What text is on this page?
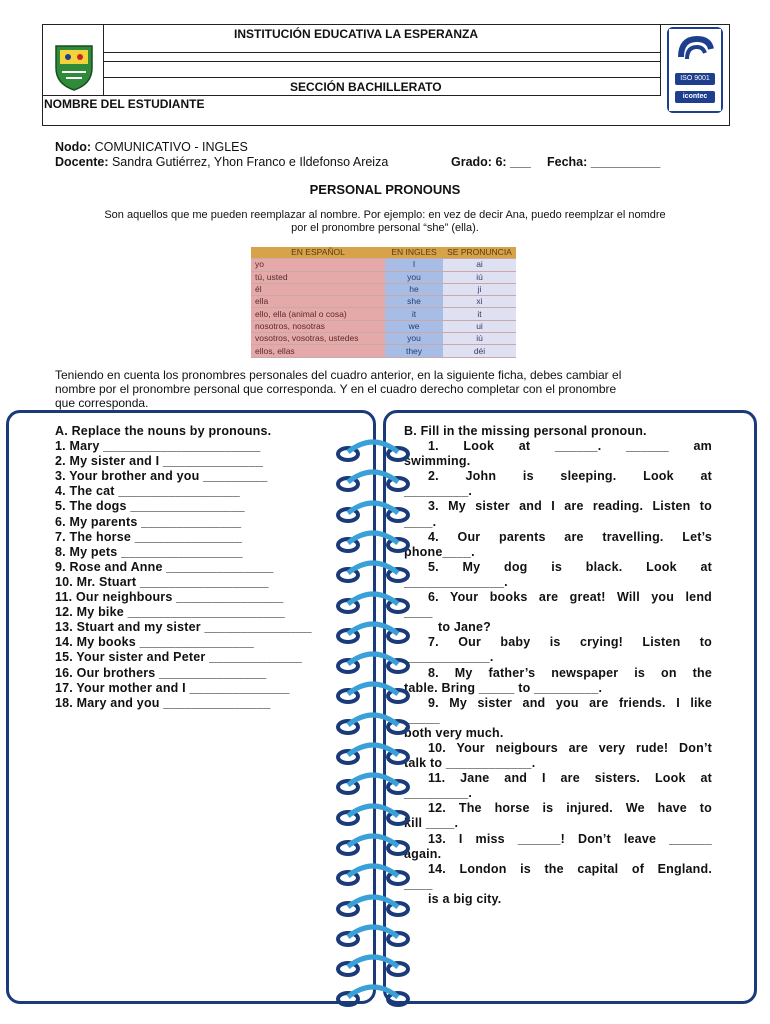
INSTITUCIÓN EDUCATIVA LA ESPERANZA
SECCIÓN BACHILLERATO
NOMBRE DEL ESTUDIANTE
ISO 9001
icontec
Nodo: COMUNICATIVO - INGLES
Docente: Sandra Gutiérrez, Yhon Franco e Ildefonso Areiza	Grado: 6: ___ Fecha: __________
PERSONAL PRONOUNS
Son aquellos que me pueden reemplazar al nombre. Por ejemplo: en vez de decir Ana, puedo reemplzar el nomdre
por el pronombre personal “she” (ella).
EN ESPAÑOL	EN INGLES	SE PRONUNCIA
yo	I	ai
tú, usted	you	iú
él	he	ji
ella	she	xi
ello, ella (animal o cosa)	it	it
nosotros, nosotras	we	ui
vosotros, vosotras, ustedes	you	iú
ellos, ellas	they	déi
Teniendo en cuenta los pronombres personales del cuadro anterior, en la siguiente ficha, debes cambiar el
nombre por el pronombre personal que corresponda. Y en el cuadro derecho completar con el pronombre
que corresponda.
A. Replace the nouns by pronouns.
1. Mary ______________________
2. My sister and I ______________
3. Your brother and you _________
4. The cat _________________
5. The dogs ________________
6. My parents ______________
7. The horse _______________
8. My pets _________________
9. Rose and Anne _______________
10. Mr. Stuart __________________
11. Our neighbours _______________
12. My bike ______________________
13. Stuart and my sister _______________
14. My books ________________
15. Your sister and Peter _____________
16. Our brothers _______________
17. Your mother and I ______________
18. Mary and you _______________
B. Fill in the missing personal pronoun.
1. Look at ______. ______ am
swimming.
2. John is sleeping. Look at
_________.
3. My sister and I are reading. Listen to
____.
4. Our parents are travelling. Let’s
phone____.
5. My dog is black. Look at
______________.
6. Your books are great! Will you lend
____
to Jane?
7. Our baby is crying! Listen to
____________.
8. My father’s newspaper is on the
table. Bring _____ to _________.
9. My sister and you are friends. I like
_____
both very much.
10. Your neigbours are very rude! Don’t
talk to ____________.
11. Jane and I are sisters. Look at
_________.
12. The horse is injured. We have to
kill ____.
13. I miss ______! Don’t leave ______
again.
14. London is the capital of England.
____
is a big city.
